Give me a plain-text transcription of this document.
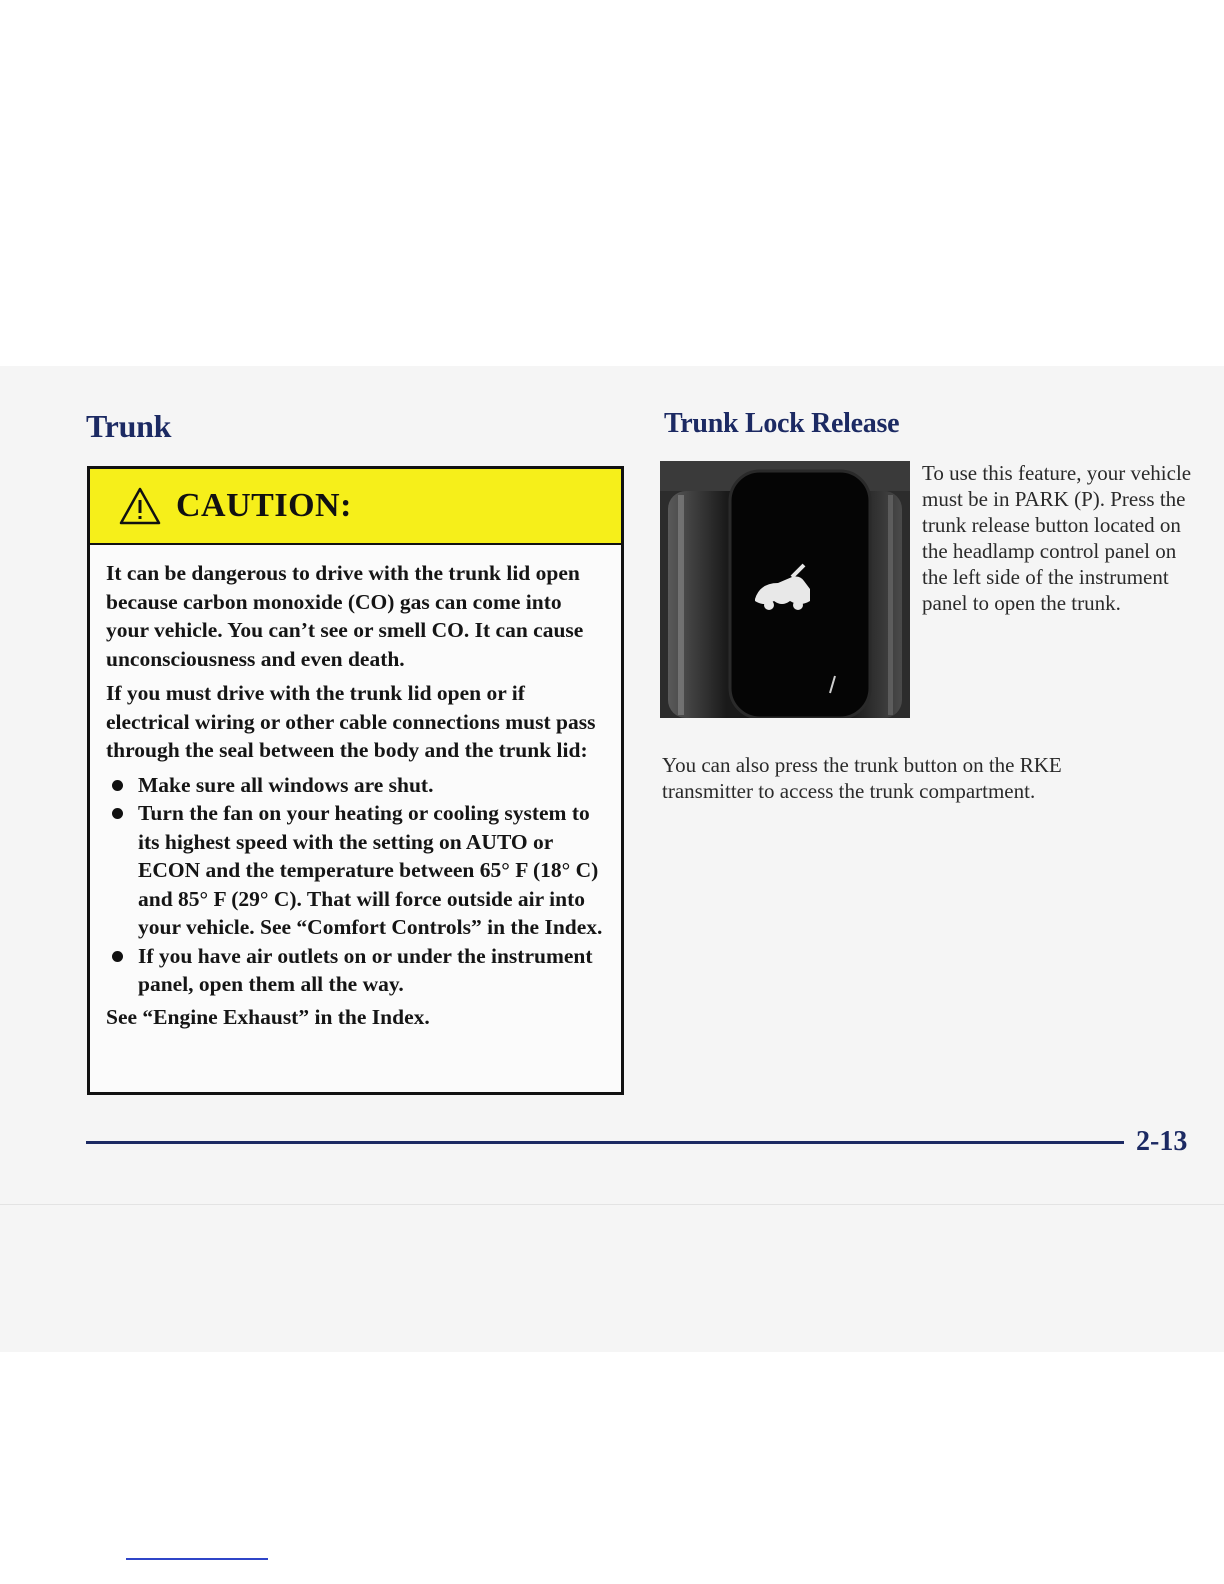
Trunk	Trunk Lock Release
CAUTION:

It can be dangerous to drive with the trunk lid open because carbon monoxide (CO) gas can come into your vehicle. You can’t see or smell CO. It can cause unconsciousness and even death.

If you must drive with the trunk lid open or if electrical wiring or other cable connections must pass through the seal between the body and the trunk lid:

Make sure all windows are shut.
Turn the fan on your heating or cooling system to its highest speed with the setting on AUTO or ECON and the temperature between 65° F (18° C) and 85° F (29° C). That will force outside air into your vehicle. See “Comfort Controls” in the Index.
If you have air outlets on or under the instrument panel, open them all the way.

See “Engine Exhaust” in the Index.

To use this feature, your vehicle must be in PARK (P). Press the trunk release button located on the headlamp control panel on the left side of the instrument panel to open the trunk.

You can also press the trunk button on the RKE transmitter to access the trunk compartment.

2-13
